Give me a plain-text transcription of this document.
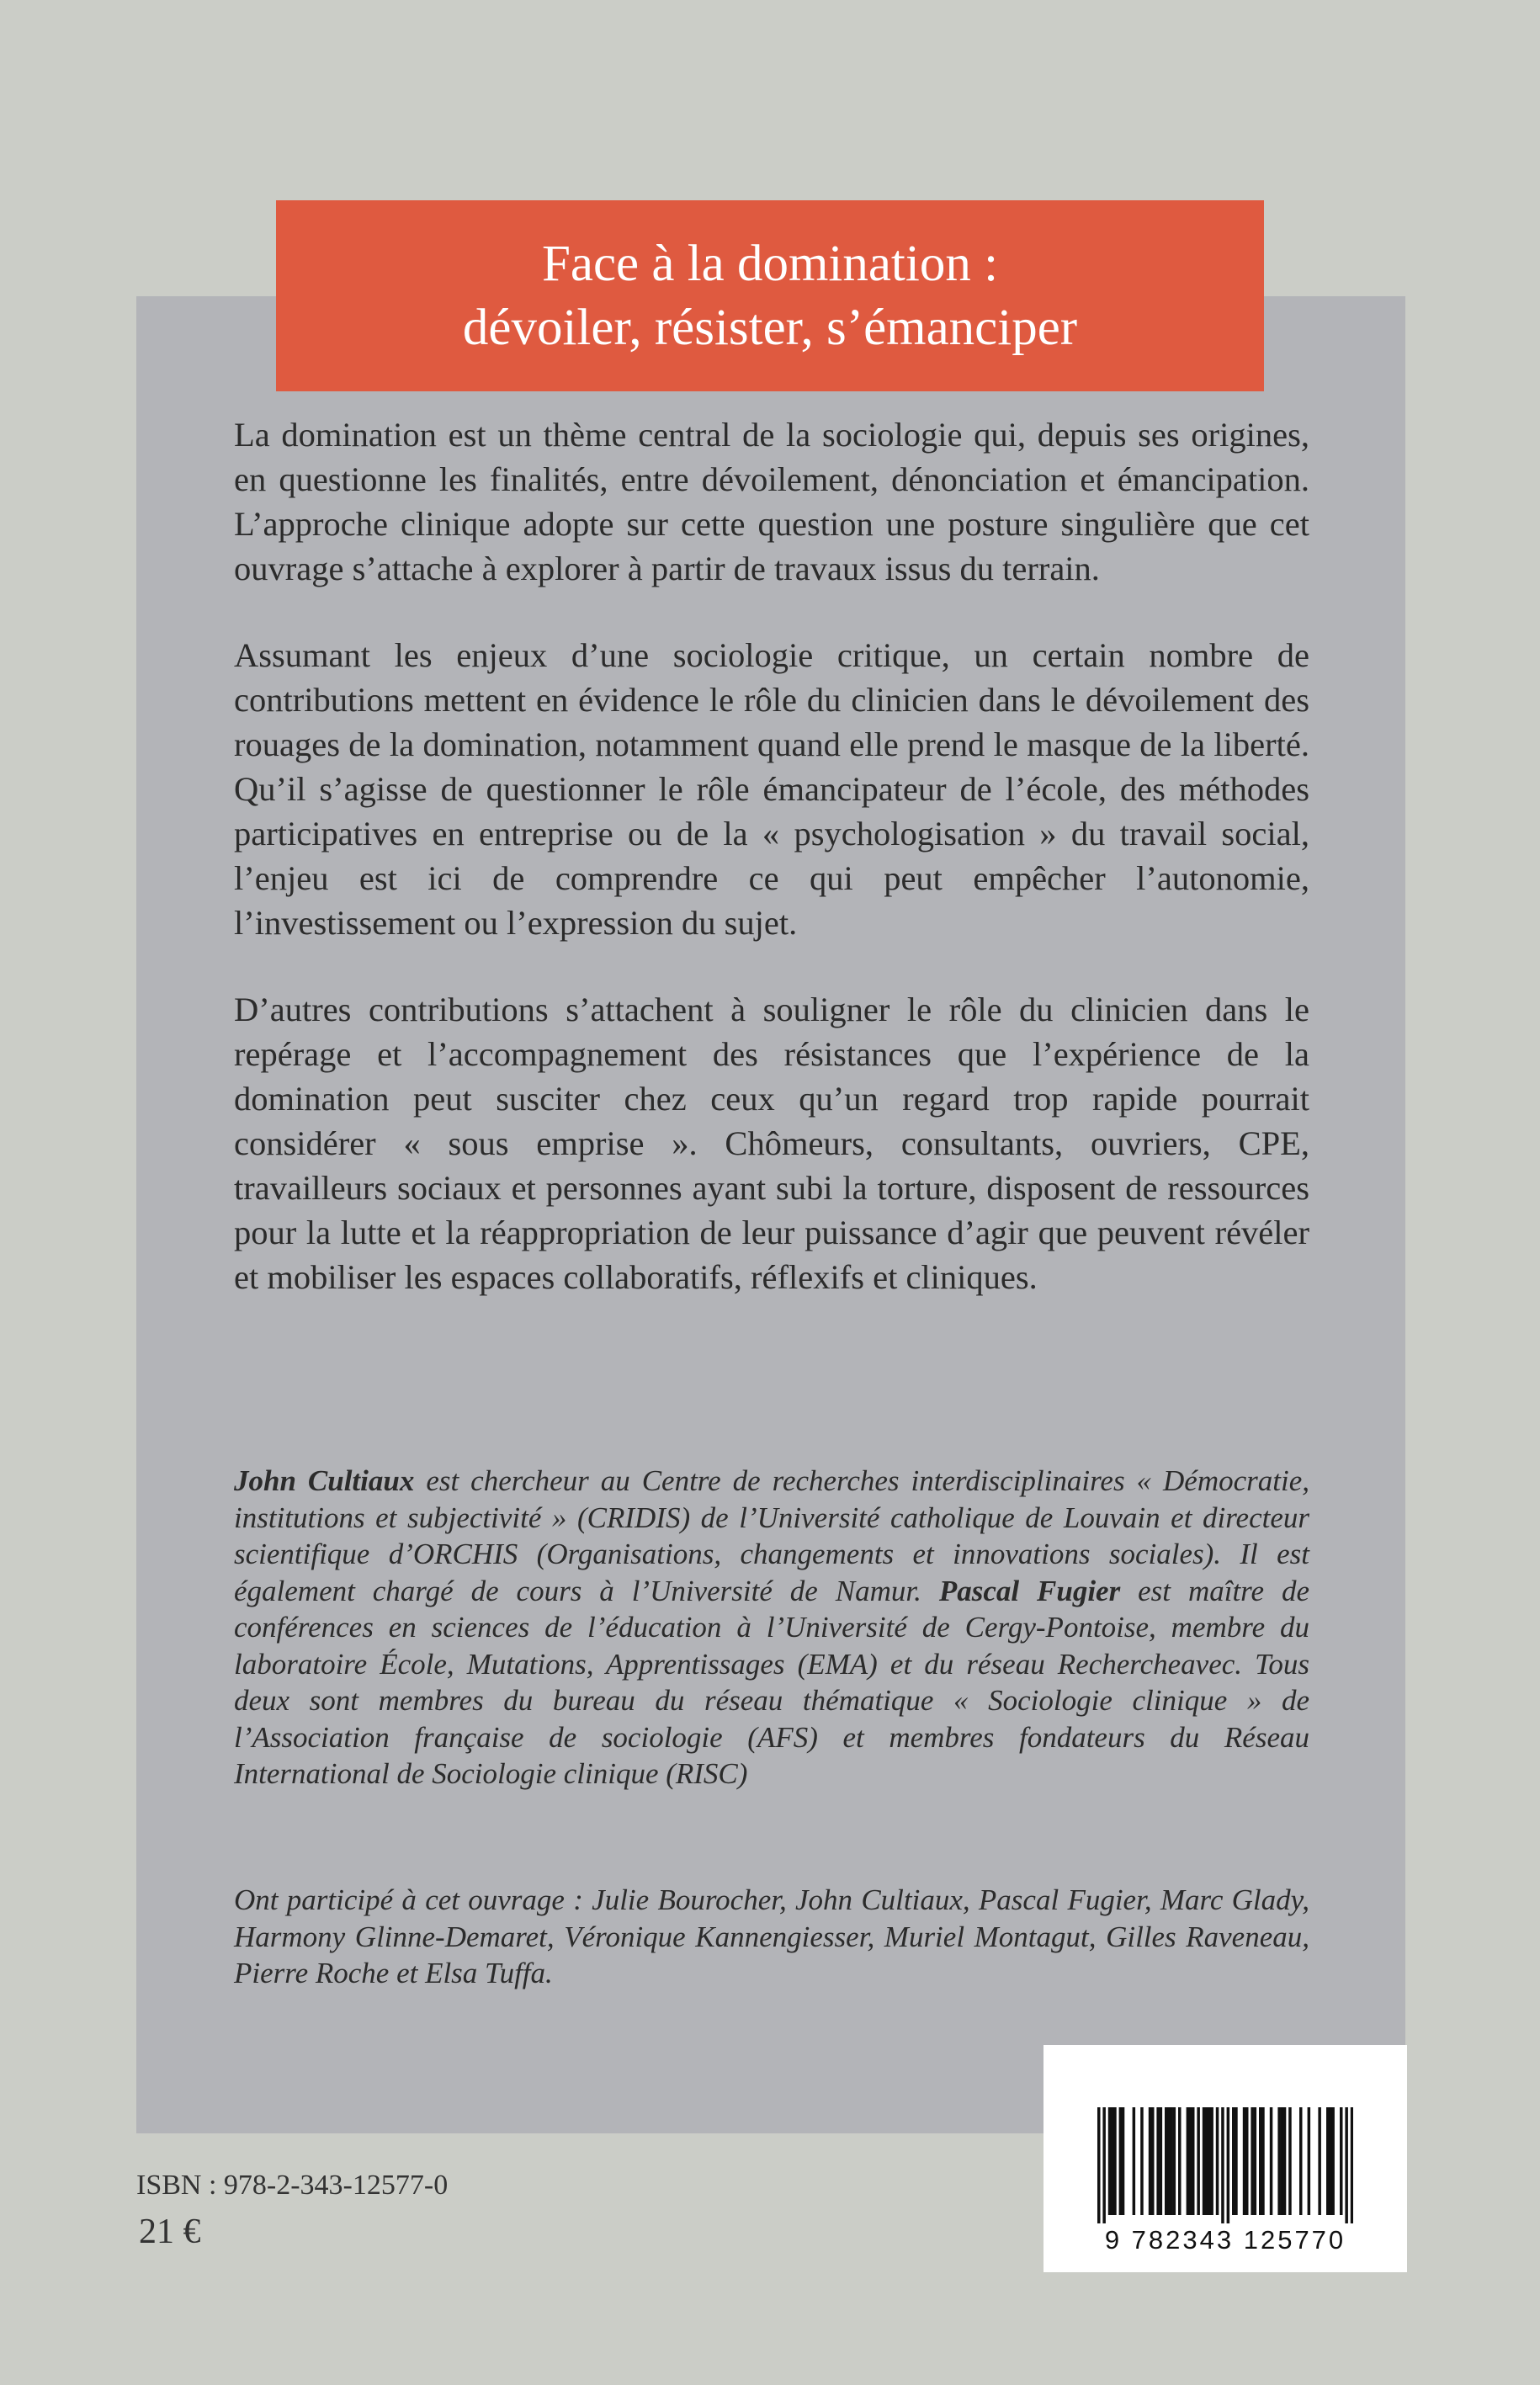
Face à la domination :
dévoiler, résister, s’émanciper

La domination est un thème central de la sociologie qui, depuis ses origines, en questionne les finalités, entre dévoilement, dénonciation et émancipation. L’approche clinique adopte sur cette question une posture singulière que cet ouvrage s’attache à explorer à partir de travaux issus du terrain.

Assumant les enjeux d’une sociologie critique, un certain nombre de contributions mettent en évidence le rôle du clinicien dans le dévoilement des rouages de la domination, notamment quand elle prend le masque de la liberté. Qu’il s’agisse de questionner le rôle émancipateur de l’école, des méthodes participatives en entreprise ou de la « psychologisation » du travail social, l’enjeu est ici de comprendre ce qui peut empêcher l’autonomie, l’investissement ou l’expression du sujet.

D’autres contributions s’attachent à souligner le rôle du clinicien dans le repérage et l’accompagnement des résistances que l’expérience de la domination peut susciter chez ceux qu’un regard trop rapide pourrait considérer « sous emprise ». Chômeurs, consultants, ouvriers, CPE, travailleurs sociaux et personnes ayant subi la torture, disposent de ressources pour la lutte et la réappropriation de leur puissance d’agir que peuvent révéler et mobiliser les espaces collaboratifs, réflexifs et cliniques.

John Cultiaux est chercheur au Centre de recherches interdisciplinaires « Démocratie, institutions et subjectivité » (CRIDIS) de l’Université catholique de Louvain et directeur scientifique d’ORCHIS (Organisations, changements et innovations sociales). Il est également chargé de cours à l’Université de Namur. Pascal Fugier est maître de conférences en sciences de l’éducation à l’Université de Cergy-Pontoise, membre du laboratoire École, Mutations, Apprentissages (EMA) et du réseau Rechercheavec. Tous deux sont membres du bureau du réseau thématique « Sociologie clinique » de l’Association française de sociologie (AFS) et membres fondateurs du Réseau International de Sociologie clinique (RISC)

Ont participé à cet ouvrage : Julie Bourocher, John Cultiaux, Pascal Fugier, Marc Glady, Harmony Glinne-Demaret, Véronique Kannengiesser, Muriel Montagut, Gilles Raveneau, Pierre Roche et Elsa Tuffa.

9 782343 125770
ISBN : 978-2-343-12577-0
21 €
